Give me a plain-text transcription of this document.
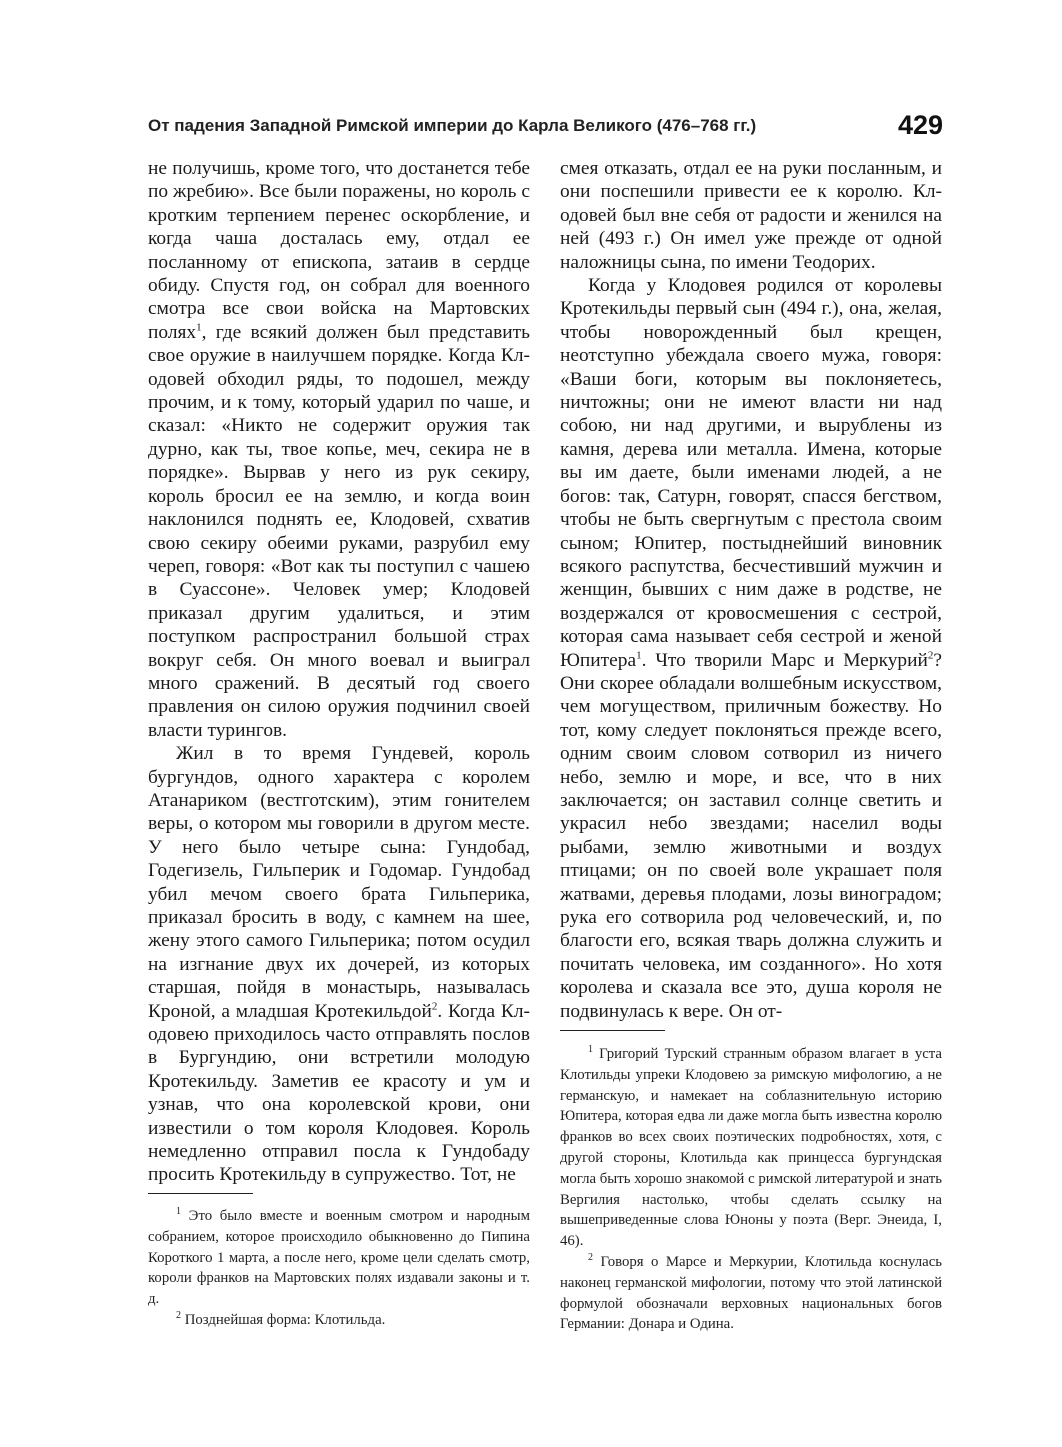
От падения Западной Римской империи до Карла Великого (476–768 гг.)	429

не получишь, кроме того, что достанется тебе по жребию». Все были поражены, но король с кротким терпением перенес оскорбление, и когда чаша досталась ему, отдал ее посланному от епископа, затаив в сердце обиду. Спустя год, он собрал для военного смотра все свои войска на Мартовских полях$^1$, где всякий должен был представить свое оружие в наилучшем порядке. Когда Клодовей обходил ряды, то подошел, между прочим, и к тому, который ударил по чаше, и сказал: «Никто не содержит оружия так дурно, как ты, твое копье, меч, секира не в порядке». Вырвав у него из рук секиру, король бросил ее на землю, и когда воин наклонился поднять ее, Клодовей, схватив свою секиру обеими руками, разрубил ему череп, говоря: «Вот как ты поступил с чашею в Суассоне». Человек умер; Клодовей приказал другим удалиться, и этим поступком распространил большой страх вокруг себя. Он много воевал и выиграл много сражений. В десятый год своего правления он силою оружия подчинил своей власти турингов.

Жил в то время Гундевей, король бургундов, одного характера с королем Атанариком (вестготским), этим гонителем веры, о котором мы говорили в другом месте. У него было четыре сына: Гундобад, Годегизель, Гильперик и Годомар. Гундобад убил мечом своего брата Гильперика, приказал бросить в воду, с камнем на шее, жену этого самого Гильперика; потом осудил на изгнание двух их дочерей, из которых старшая, пойдя в монастырь, называлась Кроной, а младшая Кротекильдой$^2$. Когда Клодовею приходилось часто отправлять послов в Бургундию, они встретили молодую Кротекильду. Заметив ее красоту и ум и узнав, что она королевской крови, они известили о том короля Клодовея. Король немедленно отправил посла к Гундобаду просить Кротекильду в супружество. Тот, не

смея отказать, отдал ее на руки посланным, и они поспешили привести ее к королю. Клодовей был вне себя от радости и женился на ней (493 г.) Он имел уже прежде от одной наложницы сына, по имени Теодорих.

Когда у Клодовея родился от королевы Кротекильды первый сын (494 г.), она, желая, чтобы новорожденный был крещен, неотступно убеждала своего мужа, говоря: «Ваши боги, которым вы поклоняетесь, ничтожны; они не имеют власти ни над собою, ни над другими, и вырублены из камня, дерева или металла. Имена, которые вы им даете, были именами людей, а не богов: так, Сатурн, говорят, спасся бегством, чтобы не быть свергнутым с престола своим сыном; Юпитер, постыднейший виновник всякого распутства, бесчестивший мужчин и женщин, бывших с ним даже в родстве, не воздержался от кровосмешения с сестрой, которая сама называет себя сестрой и женой Юпитера$^1$. Что творили Марс и Меркурий$^2$? Они скорее обладали волшебным искусством, чем могуществом, приличным божеству. Но тот, кому следует поклоняться прежде всего, одним своим словом сотворил из ничего небо, землю и море, и все, что в них заключается; он заставил солнце светить и украсил небо звездами; населил воды рыбами, землю животными и воздух птицами; он по своей воле украшает поля жатвами, деревья плодами, лозы виноградом; рука его сотворила род человеческий, и, по благости его, всякая тварь должна служить и почитать человека, им созданного». Но хотя королева и сказала все это, душа короля не подвинулась к вере. Он от-

$^1$ Это было вместе и военным смотром и народным собранием, которое происходило обыкновенно до Пипина Короткого 1 марта, а после него, кроме цели сделать смотр, короли франков на Мартовских полях издавали законы и т. д.

$^2$ Позднейшая форма: Клотильда.

$^1$ Григорий Турский странным образом влагает в уста Клотильды упреки Клодовею за римскую мифологию, а не германскую, и намекает на соблазнительную историю Юпитера, которая едва ли даже могла быть известна королю франков во всех своих поэтических подробностях, хотя, с другой стороны, Клотильда как принцесса бургундская могла быть хорошо знакомой с римской литературой и знать Вергилия настолько, чтобы сделать ссылку на вышеприведенные слова Юноны у поэта (Верг. Энеида, I, 46).

$^2$ Говоря о Марсе и Меркурии, Клотильда коснулась наконец германской мифологии, потому что этой латинской формулой обозначали верховных национальных богов Германии: Донара и Одина.
